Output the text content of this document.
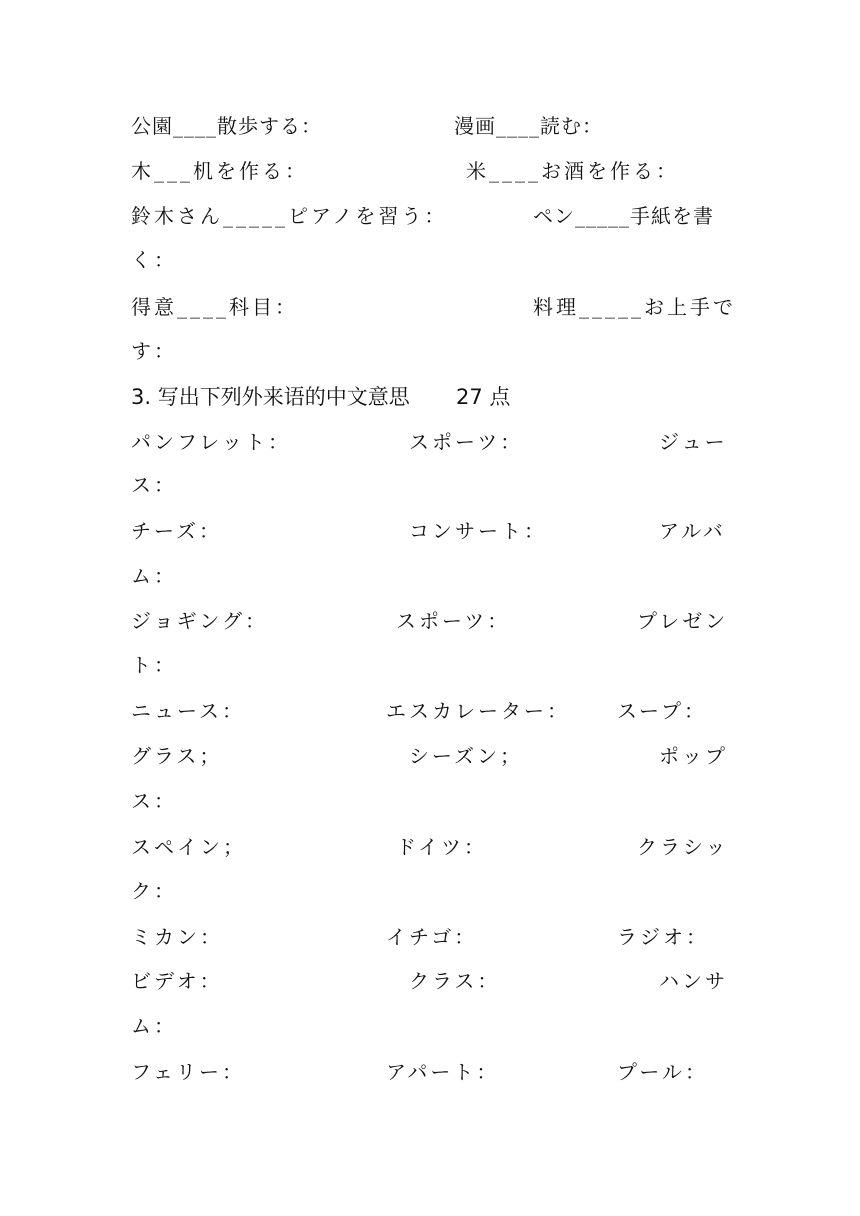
公園____散歩する：	漫画____読む：
木___机を作る：	米____お酒を作る：
鈴木さん_____ピアノを習う：	ペン_____手紙を書
く：
得意____科目：	料理_____お上手で
す：
3. 写出下列外来语的中文意思 27 点
パンフレット：	スポーツ：	ジュー
ス：
チーズ：	コンサート：	アルバ
ム：
ジョギング：	スポーツ：	プレゼン
ト：
ニュース：	エスカレーター： スープ：
グラス；	シーズン；	ポップ
ス：
スペイン；	ドイツ：	クラシッ
ク：
ミカン：	イチゴ：	ラジオ：
ビデオ：	クラス：	ハンサ
ム：
フェリー：	アパート：	プール：
